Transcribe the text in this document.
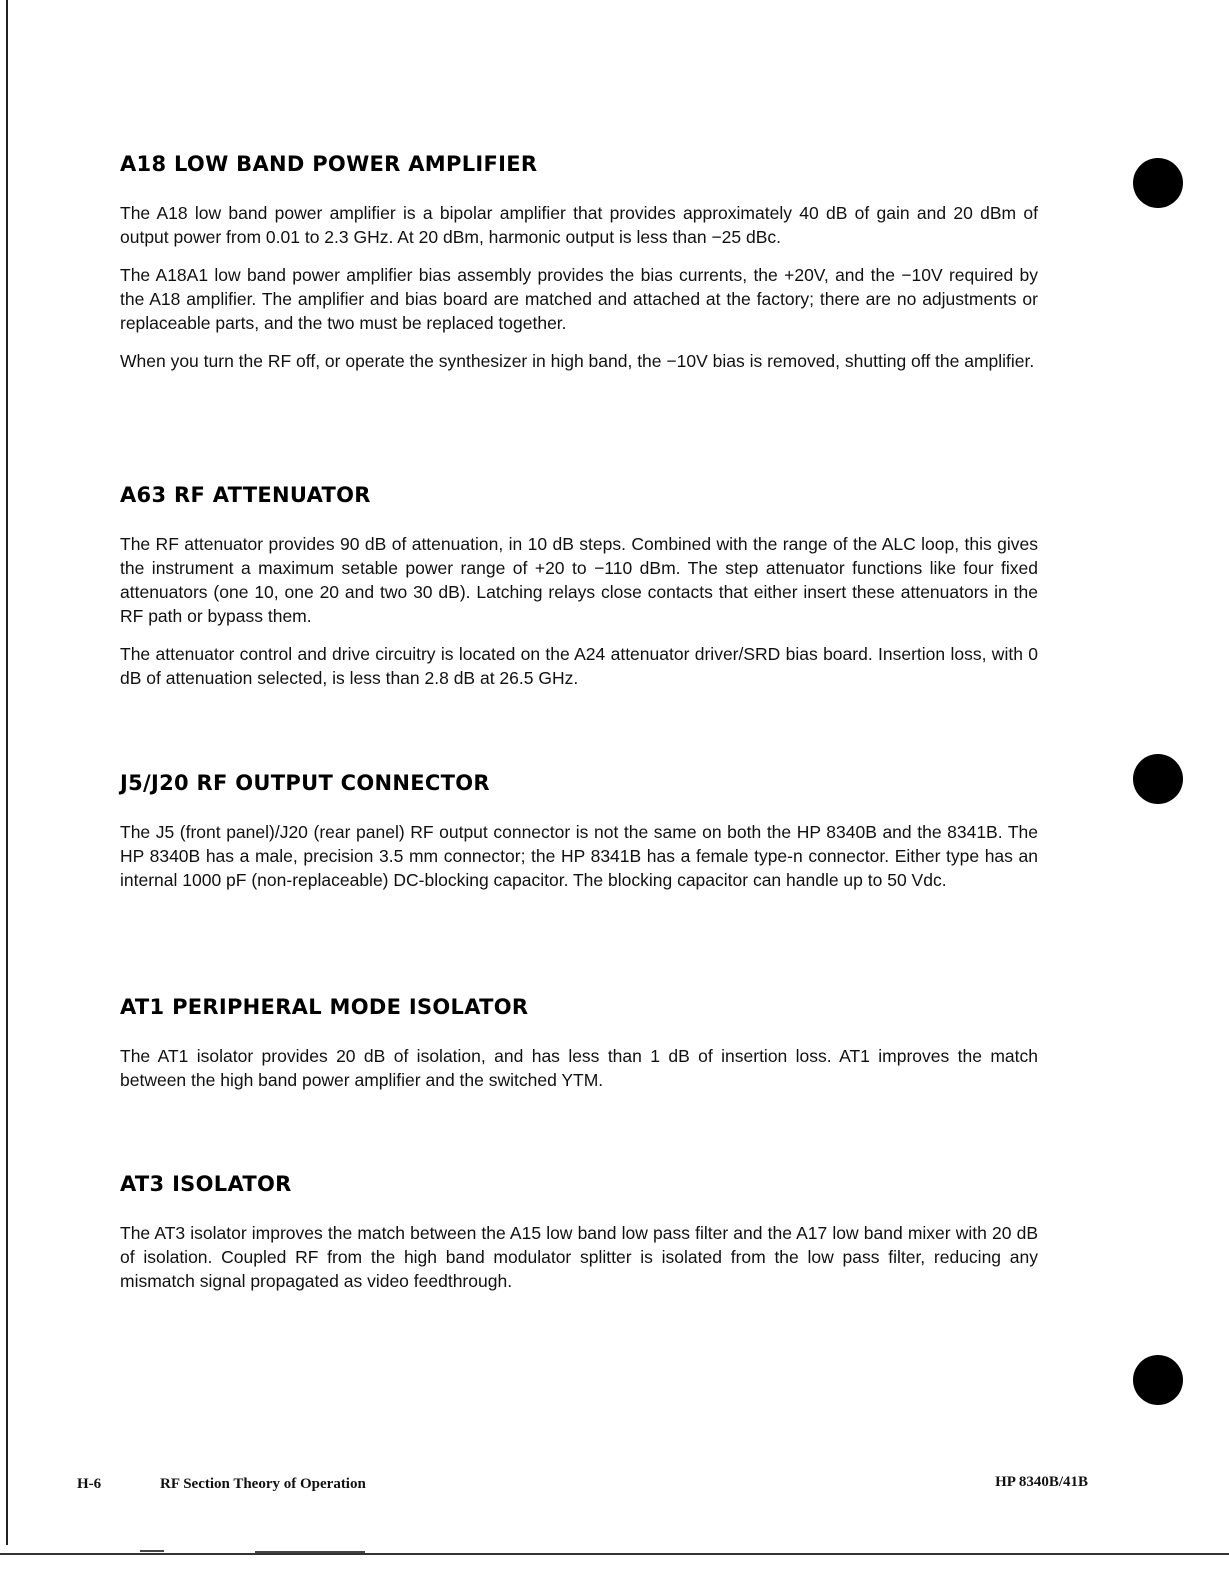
A18 LOW BAND POWER AMPLIFIER

The A18 low band power amplifier is a bipolar amplifier that provides approximately 40 dB of gain and 20 dBm of output power from 0.01 to 2.3 GHz. At 20 dBm, harmonic output is less than −25 dBc.

The A18A1 low band power amplifier bias assembly provides the bias currents, the +20V, and the −10V required by the A18 amplifier. The amplifier and bias board are matched and attached at the factory; there are no adjustments or replaceable parts, and the two must be replaced together.

When you turn the RF off, or operate the synthesizer in high band, the −10V bias is removed, shutting off the amplifier.

A63 RF ATTENUATOR

The RF attenuator provides 90 dB of attenuation, in 10 dB steps. Combined with the range of the ALC loop, this gives the instrument a maximum setable power range of +20 to −110 dBm. The step attenuator functions like four fixed attenuators (one 10, one 20 and two 30 dB). Latching relays close contacts that either insert these attenuators in the RF path or bypass them.

The attenuator control and drive circuitry is located on the A24 attenuator driver/SRD bias board. Insertion loss, with 0 dB of attenuation selected, is less than 2.8 dB at 26.5 GHz.

J5/J20 RF OUTPUT CONNECTOR

The J5 (front panel)/J20 (rear panel) RF output connector is not the same on both the HP 8340B and the 8341B. The HP 8340B has a male, precision 3.5 mm connector; the HP 8341B has a female type-n connector. Either type has an internal 1000 pF (non-replaceable) DC-blocking capacitor. The blocking capacitor can handle up to 50 Vdc.

AT1 PERIPHERAL MODE ISOLATOR

The AT1 isolator provides 20 dB of isolation, and has less than 1 dB of insertion loss. AT1 improves the match between the high band power amplifier and the switched YTM.

AT3 ISOLATOR

The AT3 isolator improves the match between the A15 low band low pass filter and the A17 low band mixer with 20 dB of isolation. Coupled RF from the high band modulator splitter is isolated from the low pass filter, reducing any mismatch signal propagated as video feedthrough.

H-6	RF Section Theory of Operation	HP 8340B/41B
